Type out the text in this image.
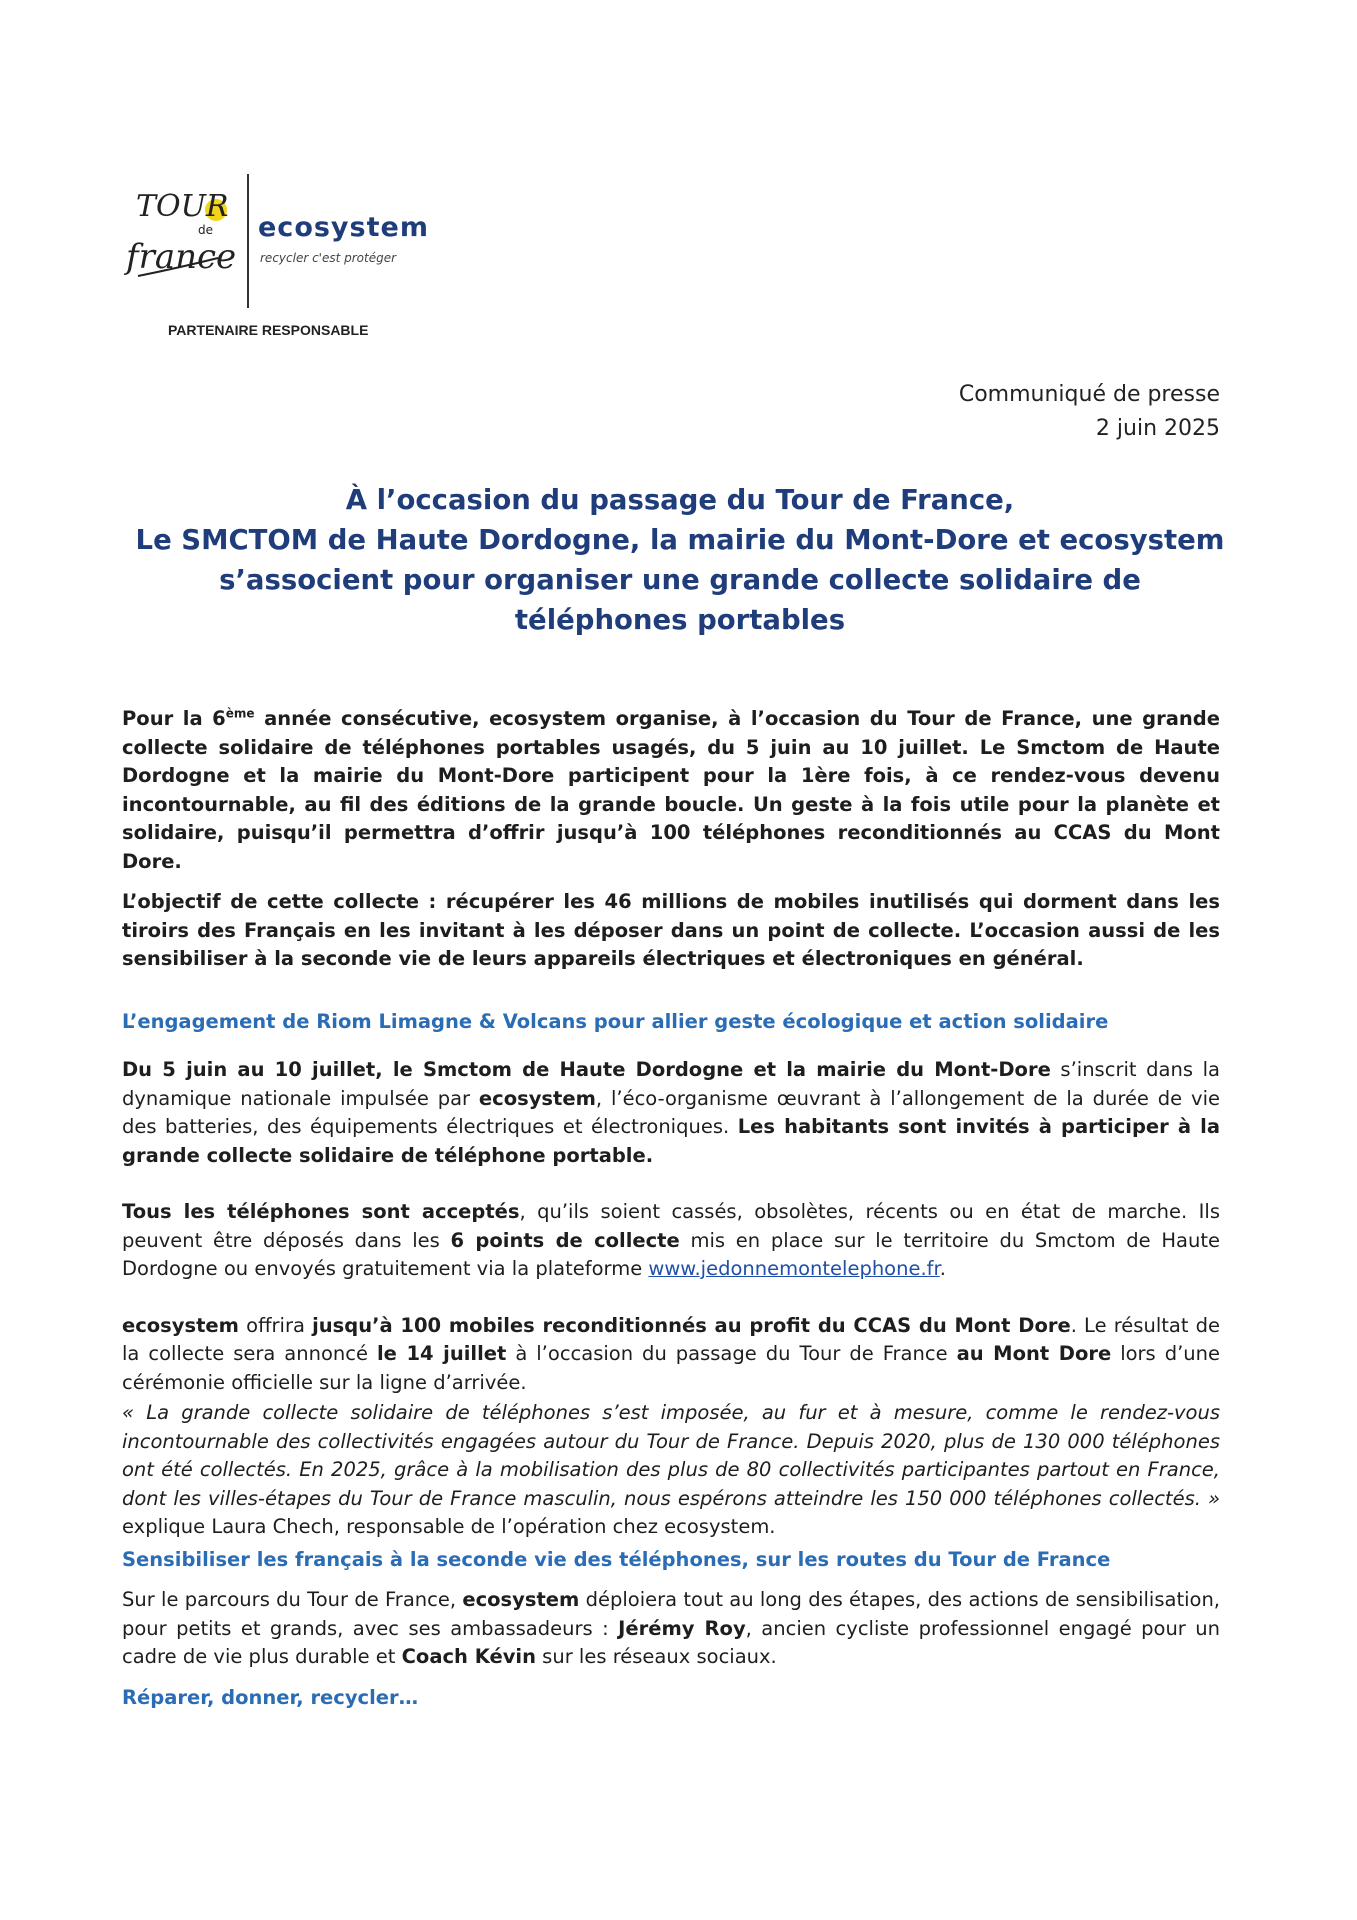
TOUR
de
france
ecosystem
recycler c'est protéger
PARTENAIRE RESPONSABLE
Communiqué de presse
2 juin 2025
À l’occasion du passage du Tour de France,
Le SMCTOM de Haute Dordogne, la mairie du Mont-Dore et ecosystem
s’associent pour organiser une grande collecte solidaire de
téléphones portables

Pour la 6ème année consécutive, ecosystem organise, à l’occasion du Tour de France, une grande collecte solidaire de téléphones portables usagés, du 5 juin au 10 juillet. Le Smctom de Haute Dordogne et la mairie du Mont-Dore participent pour la 1ère fois, à ce rendez-vous devenu incontournable, au fil des éditions de la grande boucle. Un geste à la fois utile pour la planète et solidaire, puisqu’il permettra d’offrir jusqu’à 100 téléphones reconditionnés au CCAS du Mont Dore.

L’objectif de cette collecte : récupérer les 46 millions de mobiles inutilisés qui dorment dans les tiroirs des Français en les invitant à les déposer dans un point de collecte. L’occasion aussi de les sensibiliser à la seconde vie de leurs appareils électriques et électroniques en général.

L’engagement de Riom Limagne & Volcans pour allier geste écologique et action solidaire

Du 5 juin au 10 juillet, le Smctom de Haute Dordogne et la mairie du Mont-Dore s’inscrit dans la dynamique nationale impulsée par ecosystem, l’éco-organisme œuvrant à l’allongement de la durée de vie des batteries, des équipements électriques et électroniques. Les habitants sont invités à participer à la grande collecte solidaire de téléphone portable.

Tous les téléphones sont acceptés, qu’ils soient cassés, obsolètes, récents ou en état de marche. Ils peuvent être déposés dans les 6 points de collecte mis en place sur le territoire du Smctom de Haute Dordogne ou envoyés gratuitement via la plateforme www.jedonnemontelephone.fr.

ecosystem offrira jusqu’à 100 mobiles reconditionnés au profit du CCAS du Mont Dore. Le résultat de la collecte sera annoncé le 14 juillet à l’occasion du passage du Tour de France au Mont Dore lors d’une cérémonie officielle sur la ligne d’arrivée.

« La grande collecte solidaire de téléphones s’est imposée, au fur et à mesure, comme le rendez-vous incontournable des collectivités engagées autour du Tour de France. Depuis 2020, plus de 130 000 téléphones ont été collectés. En 2025, grâce à la mobilisation des plus de 80 collectivités participantes partout en France, dont les villes-étapes du Tour de France masculin, nous espérons atteindre les 150 000 téléphones collectés. » explique Laura Chech, responsable de l’opération chez ecosystem.

Sensibiliser les français à la seconde vie des téléphones, sur les routes du Tour de France

Sur le parcours du Tour de France, ecosystem déploiera tout au long des étapes, des actions de sensibilisation, pour petits et grands, avec ses ambassadeurs : Jérémy Roy, ancien cycliste professionnel engagé pour un cadre de vie plus durable et Coach Kévin sur les réseaux sociaux.

Réparer, donner, recycler…
